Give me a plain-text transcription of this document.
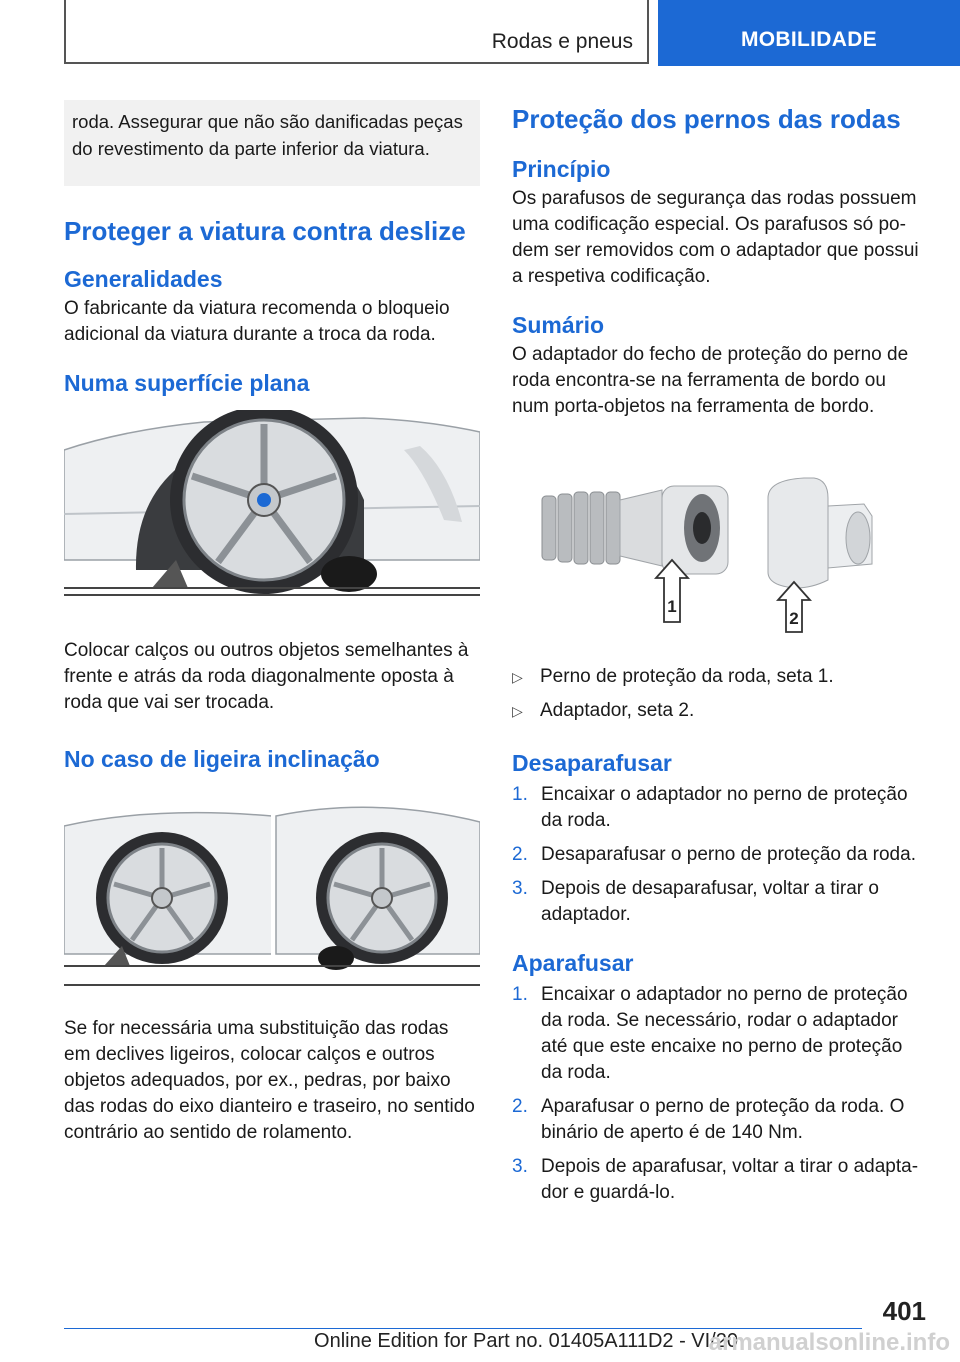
Rodas e pneus	MOBILIDADE
roda. Assegurar que não são danificadas peças do revestimento da parte inferior da viatura.
Proteger a viatura contra deslize
Generalidades

O fabricante da viatura recomenda o bloqueio adicional da viatura durante a troca da roda.

Numa superfície plana

Colocar calços ou outros objetos semelhantes à frente e atrás da roda diagonalmente oposta à roda que vai ser trocada.

No caso de ligeira inclinação

Se for necessária uma substituição das rodas em declives ligeiros, colocar calços e outros objetos adequados, por ex., pedras, por baixo das rodas do eixo dianteiro e traseiro, no sentido contrário ao sentido de rolamento.

Proteção dos pernos das rodas
Princípio

Os parafusos de segurança das rodas possuem uma codificação especial. Os parafusos só podem ser removidos com o adaptador que possui a respetiva codificação.

Sumário

O adaptador do fecho de proteção do perno de roda encontra-se na ferramenta de bordo ou num porta-objetos na ferramenta de bordo.

1
2
▷ Perno de proteção da roda, seta 1.
▷ Adaptador, seta 2.
Desaparafusar
1. Encaixar o adaptador no perno de proteção da roda.
2. Desaparafusar o perno de proteção da roda.
3. Depois de desaparafusar, voltar a tirar o adaptador.
Aparafusar
1. Encaixar o adaptador no perno de proteção da roda. Se necessário, rodar o adaptador até que este encaixe no perno de proteção da roda.
2. Aparafusar o perno de proteção da roda. O binário de aperto é de 140 Nm.
3. Depois de aparafusar, voltar a tirar o adaptador e guardá-lo.
401
Online Edition for Part no. 01405A111D2 - VI/20
armanualsonline.info
